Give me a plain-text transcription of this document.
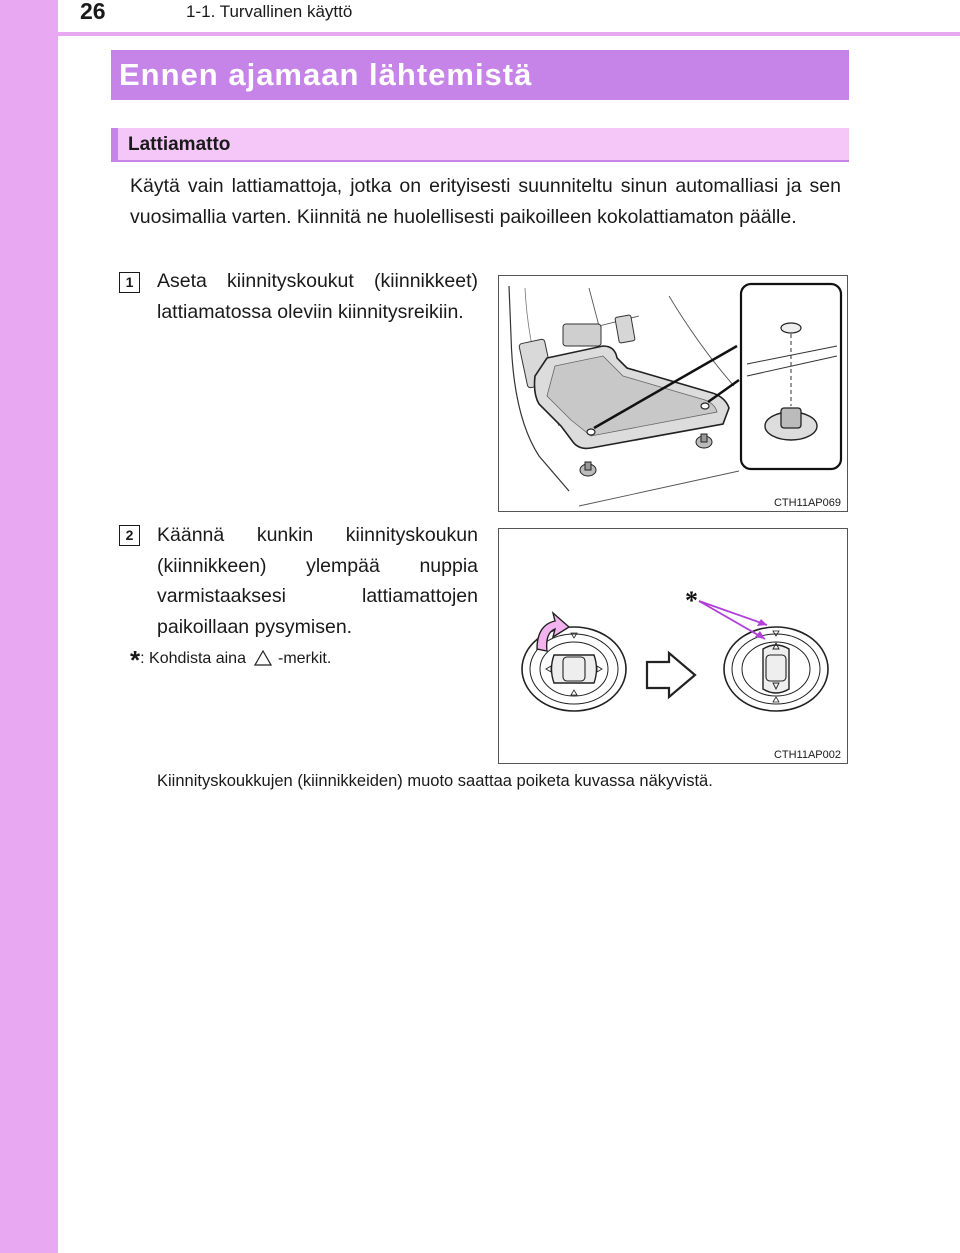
26	1-1. Turvallinen käyttö
Ennen ajamaan lähtemistä
Lattiamatto
Käytä vain lattiamattoja, jotka on erityisesti suunniteltu sinun automalliasi ja sen vuosimallia varten. Kiinnitä ne huolellisesti paikoilleen kokolattiamaton päälle.
1	Aseta kiinnityskoukut (kiinnikkeet) lattiamatossa oleviin kiinnitysreikiin.
CTH11AP069
2	Käännä kunkin kiinnityskoukun (kiinnikkeen) ylempää nuppia varmistaaksesi lattiamattojen paikoillaan pysymisen.
*
CTH11AP002
*: Kohdista aina -merkit.
Kiinnityskoukkujen (kiinnikkeiden) muoto saattaa poiketa kuvassa näkyvistä.
